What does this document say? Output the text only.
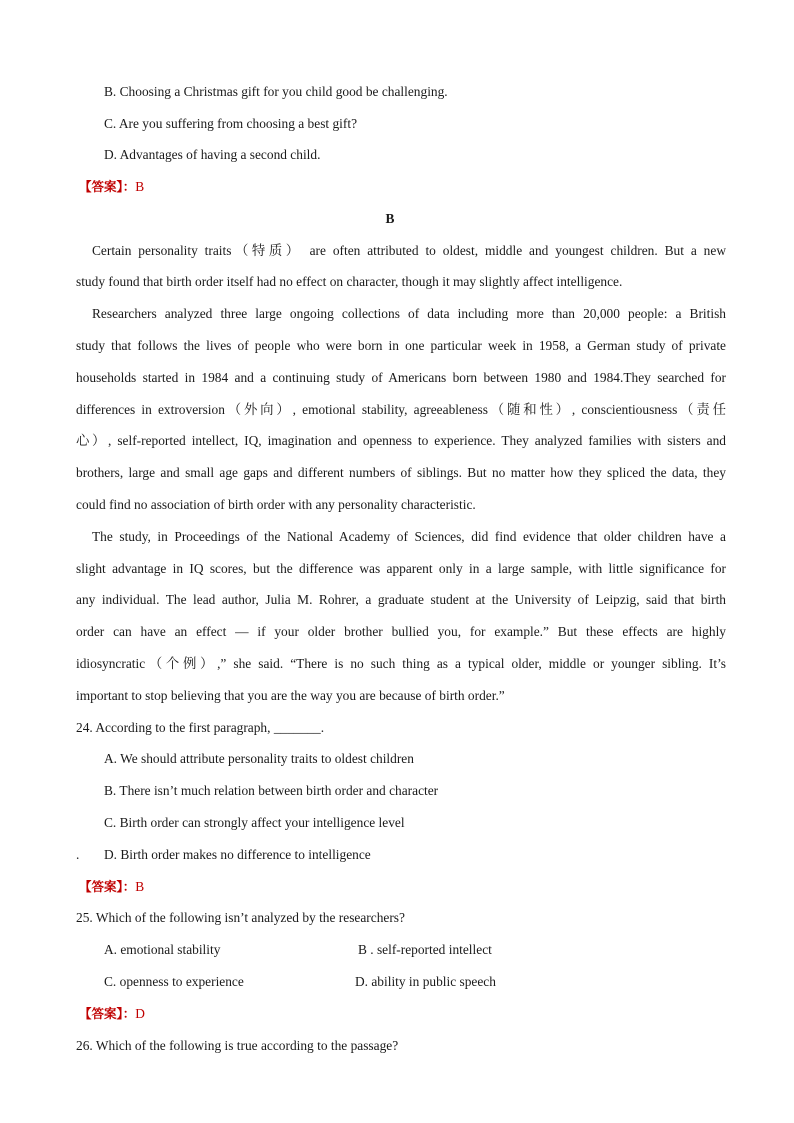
B. Choosing a Christmas gift for you child good be challenging.
C. Are you suffering from choosing a best gift?
D. Advantages of having a second child.
【答案】：B
B
Certain personality traits（特质） are often attributed to oldest, middle and youngest children. But a new
study found that birth order itself had no effect on character, though it may slightly affect intelligence.
Researchers analyzed three large ongoing collections of data including more than 20,000 people: a British
study that follows the lives of people who were born in one particular week in 1958, a German study of private
households started in 1984 and a continuing study of Americans born between 1980 and 1984.They searched for
differences in extroversion（外向）, emotional stability, agreeableness（随和性）, conscientiousness（责任
心）, self-reported intellect, IQ, imagination and openness to experience. They analyzed families with sisters and
brothers, large and small age gaps and different numbers of siblings. But no matter how they spliced the data, they
could find no association of birth order with any personality characteristic.
The study, in Proceedings of the National Academy of Sciences, did find evidence that older children have a
slight advantage in IQ scores, but the difference was apparent only in a large sample, with little significance for
any individual. The lead author, Julia M. Rohrer, a graduate student at the University of Leipzig, said that birth
order can have an effect — if your older brother bullied you, for example.” But these effects are highly
idiosyncratic（个例）,” she said. “There is no such thing as a typical older, middle or younger sibling. It’s
important to stop believing that you are the way you are because of birth order.”
24. According to the first paragraph, _______.
A. We should attribute personality traits to oldest children
B. There isn’t much relation between birth order and character
C. Birth order can strongly affect your intelligence level
. D. Birth order makes no difference to intelligence
【答案】：B
25. Which of the following isn’t analyzed by the researchers?
A. emotional stability	B . self-reported intellect
C. openness to experience	D. ability in public speech
【答案】：D
26. Which of the following is true according to the passage?
